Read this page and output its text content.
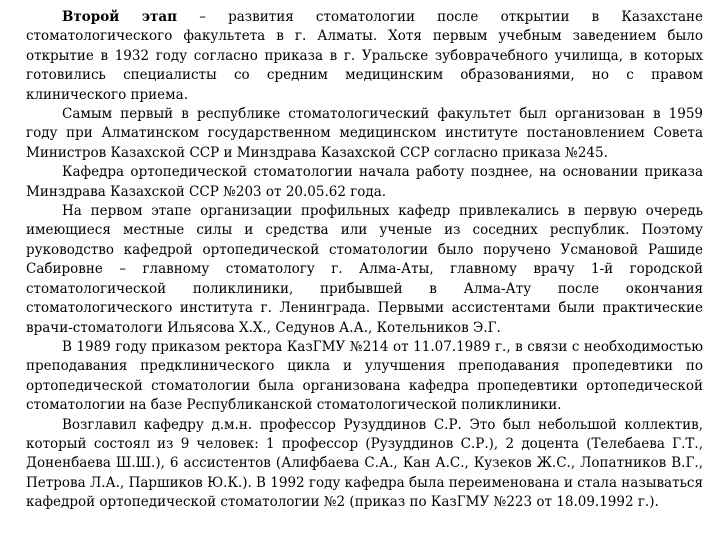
Второй этап – развития стоматологии после открытии в Казахстане стоматологического факультета в г. Алматы. Хотя первым учебным заведением было открытие в 1932 году согласно приказа в г. Уральске зубоврачебного училища, в которых готовились специалисты со средним медицинским образованиями, но с правом клинического приема.

Самым первый в республике стоматологический факультет был организован в 1959 году при Алматинском государственном медицинском институте постановлением Совета Министров Казахской ССР и Минздрава Казахской ССР согласно приказа №245.

Кафедра ортопедической стоматологии начала работу позднее, на основании приказа Минздрава Казахской ССР №203 от 20.05.62 года.

На первом этапе организации профильных кафедр привлекались в первую очередь имеющиеся местные силы и средства или ученые из соседних республик. Поэтому руководство кафедрой ортопедической стоматологии было поручено Усмановой Рашиде Сабировне – главному стоматологу г. Алма-Аты, главному врачу 1-й городской стоматологической поликлиники, прибывшей в Алма-Ату после окончания стоматологического института г. Ленинграда. Первыми ассистентами были практические врачи-стоматологи Ильясова Х.Х., Седунов А.А., Котельников Э.Г.

В 1989 году приказом ректора КазГМУ №214 от 11.07.1989 г., в связи с необходимостью преподавания предклинического цикла и улучшения преподавания пропедевтики по ортопедической стоматологии была организована кафедра пропедевтики ортопедической стоматологии на базе Республиканской стоматологической поликлиники.

Возглавил кафедру д.м.н. профессор Рузуддинов С.Р. Это был небольшой коллектив, который состоял из 9 человек: 1 профессор (Рузуддинов С.Р.), 2 доцента (Телебаева Г.Т., Доненбаева Ш.Ш.), 6 ассистентов (Алифбаева С.А., Кан А.С., Кузеков Ж.С., Лопатников В.Г., Петрова Л.А., Паршиков Ю.К.). В 1992 году кафедра была переименована и стала называться кафедрой ортопедической стоматологии №2 (приказ по КазГМУ №223 от 18.09.1992 г.).
